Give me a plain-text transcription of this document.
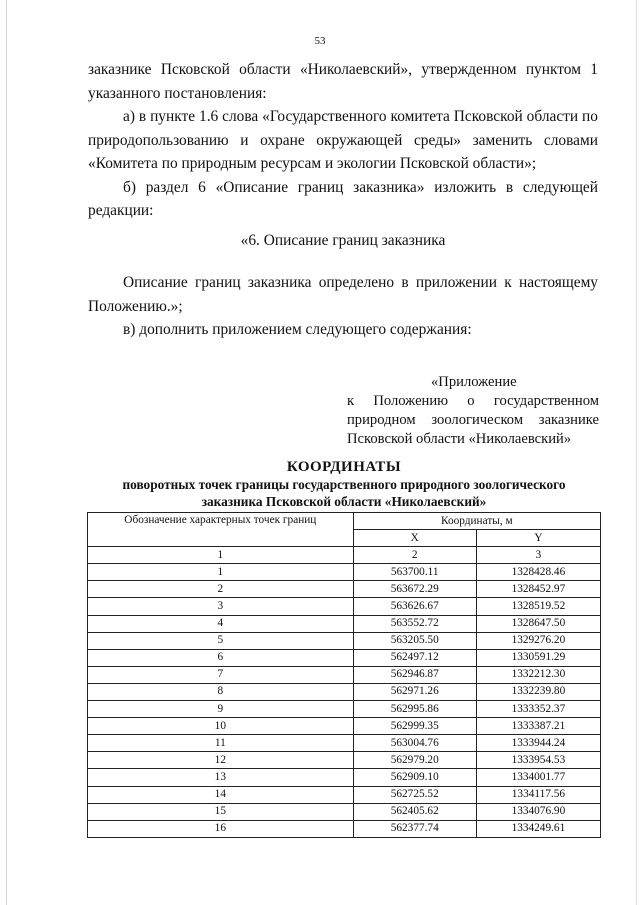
53

заказнике Псковской области «Николаевский», утвержденном пунктом 1 указанного постановления:

а) в пункте 1.6 слова «Государственного комитета Псковской области по природопользованию и охране окружающей среды» заменить словами «Комитета по природным ресурсам и экологии Псковской области»;

б) раздел 6 «Описание границ заказника» изложить в следующей редакции:

«6. Описание границ заказника

Описание границ заказника определено в приложении к настоящему Положению.»;

в) дополнить приложением следующего содержания:

«Приложение
к Положению о государственном
природном зоологическом заказнике
Псковской области «Николаевский»
КООРДИНАТЫ
поворотных точек границы государственного природного зоологического
заказника Псковской области «Николаевский»
Обозначение характерных точек границ	Координаты, м	
	X	Y
1	2	3
1	563700.11	1328428.46
2	563672.29	1328452.97
3	563626.67	1328519.52
4	563552.72	1328647.50
5	563205.50	1329276.20
6	562497.12	1330591.29
7	562946.87	1332212.30
8	562971.26	1332239.80
9	562995.86	1333352.37
10	562999.35	1333387.21
11	563004.76	1333944.24
12	562979.20	1333954.53
13	562909.10	1334001.77
14	562725.52	1334117.56
15	562405.62	1334076.90
16	562377.74	1334249.61
